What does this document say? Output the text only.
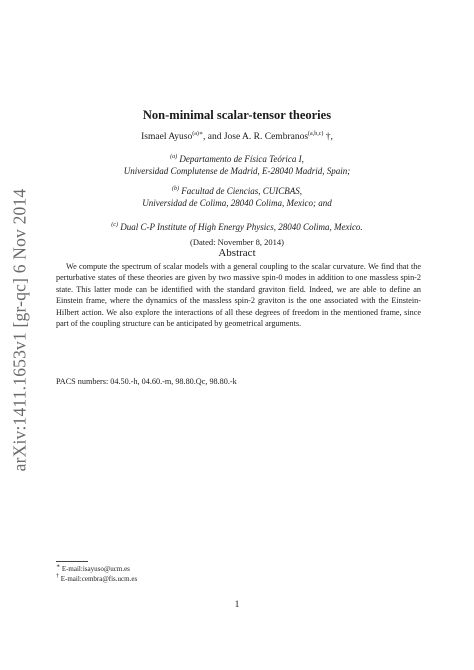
arXiv:1411.1653v1 [gr-qc] 6 Nov 2014
Non-minimal scalar-tensor theories
Ismael Ayuso$^{(a)∗}$, and Jose A. R. Cembranos$^{(a,b,c)}$ †,
$^{(a)}$ Departamento de Física Teórica I,
Universidad Complutense de Madrid, E-28040 Madrid, Spain;
$^{(b)}$ Facultad de Ciencias, CUICBAS,
Universidad de Colima, 28040 Colima, Mexico; and
$^{(c)}$ Dual C-P Institute of High Energy Physics, 28040 Colima, Mexico.
(Dated: November 8, 2014)
Abstract
We compute the spectrum of scalar models with a general coupling to the scalar curvature. We find that the perturbative states of these theories are given by two massive spin-0 modes in addition to one massless spin-2 state. This latter mode can be identified with the standard graviton field. Indeed, we are able to define an Einstein frame, where the dynamics of the massless spin-2 graviton is the one associated with the Einstein-Hilbert action. We also explore the interactions of all these degrees of freedom in the mentioned frame, since part of the coupling structure can be anticipated by geometrical arguments.
PACS numbers: 04.50.-h, 04.60.-m, 98.80.Qc, 98.80.-k
∗ E-mail:isayuso@ucm.es
† E-mail:cembra@fis.ucm.es
1
